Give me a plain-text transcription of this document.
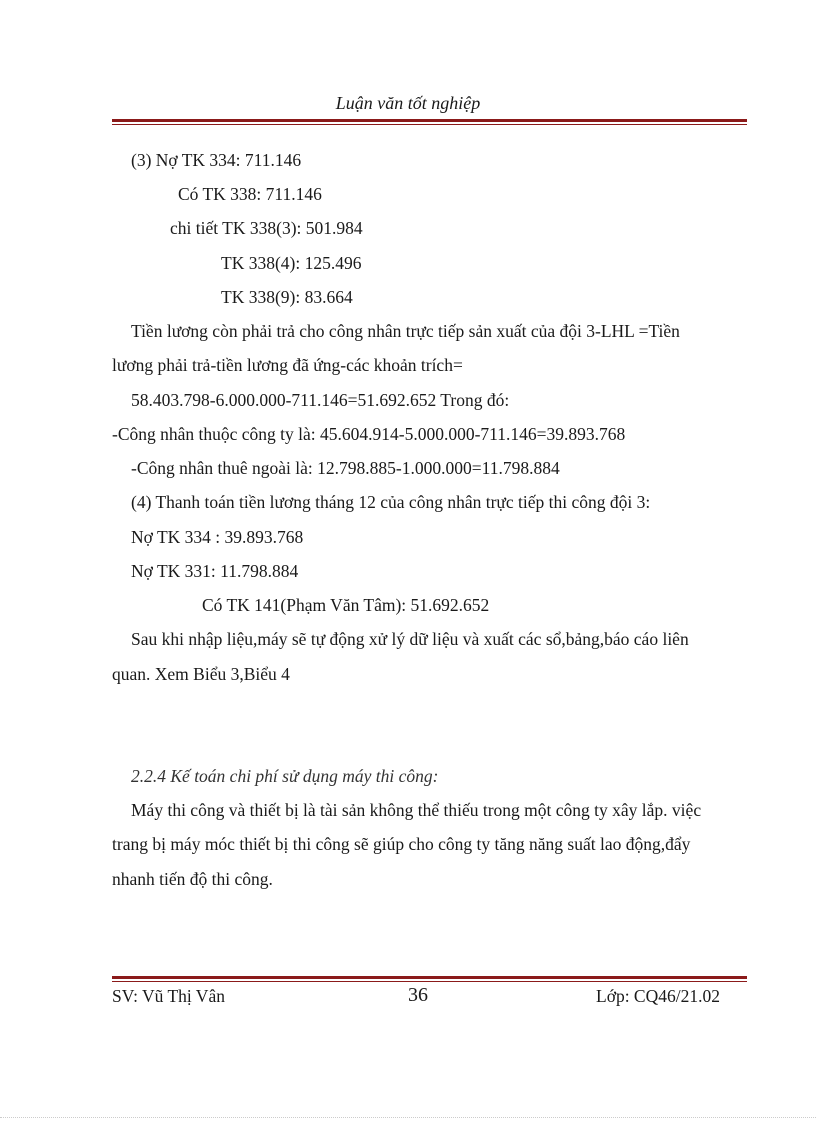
Luận văn tốt nghiệp
(3) Nợ TK 334: 711.146
Có TK 338: 711.146
chi tiết TK 338(3): 501.984
TK 338(4): 125.496
TK 338(9): 83.664
Tiền lương còn phải trả cho công nhân trực tiếp sản xuất của đội 3-LHL =Tiền
lương phải trả-tiền lương đã ứng-các khoản trích=
58.403.798-6.000.000-711.146=51.692.652 Trong đó:
-Công nhân thuộc công ty là: 45.604.914-5.000.000-711.146=39.893.768
-Công nhân thuê ngoài là: 12.798.885-1.000.000=11.798.884
(4) Thanh toán tiền lương tháng 12 của công nhân trực tiếp thi công đội 3:
Nợ TK 334 : 39.893.768
Nợ TK 331: 11.798.884
Có TK 141(Phạm Văn Tâm): 51.692.652
Sau khi nhập liệu,máy sẽ tự động xử lý dữ liệu và xuất các sổ,bảng,báo cáo liên
quan. Xem Biểu 3,Biểu 4
2.2.4 Kế toán chi phí sử dụng máy thi công:
Máy thi công và thiết bị là tài sản không thể thiếu trong một công ty xây lắp. việc
trang bị máy móc thiết bị thi công sẽ giúp cho công ty tăng năng suất lao động,đẩy
nhanh tiến độ thi công.
SV: Vũ Thị Vân	36	Lớp: CQ46/21.02
